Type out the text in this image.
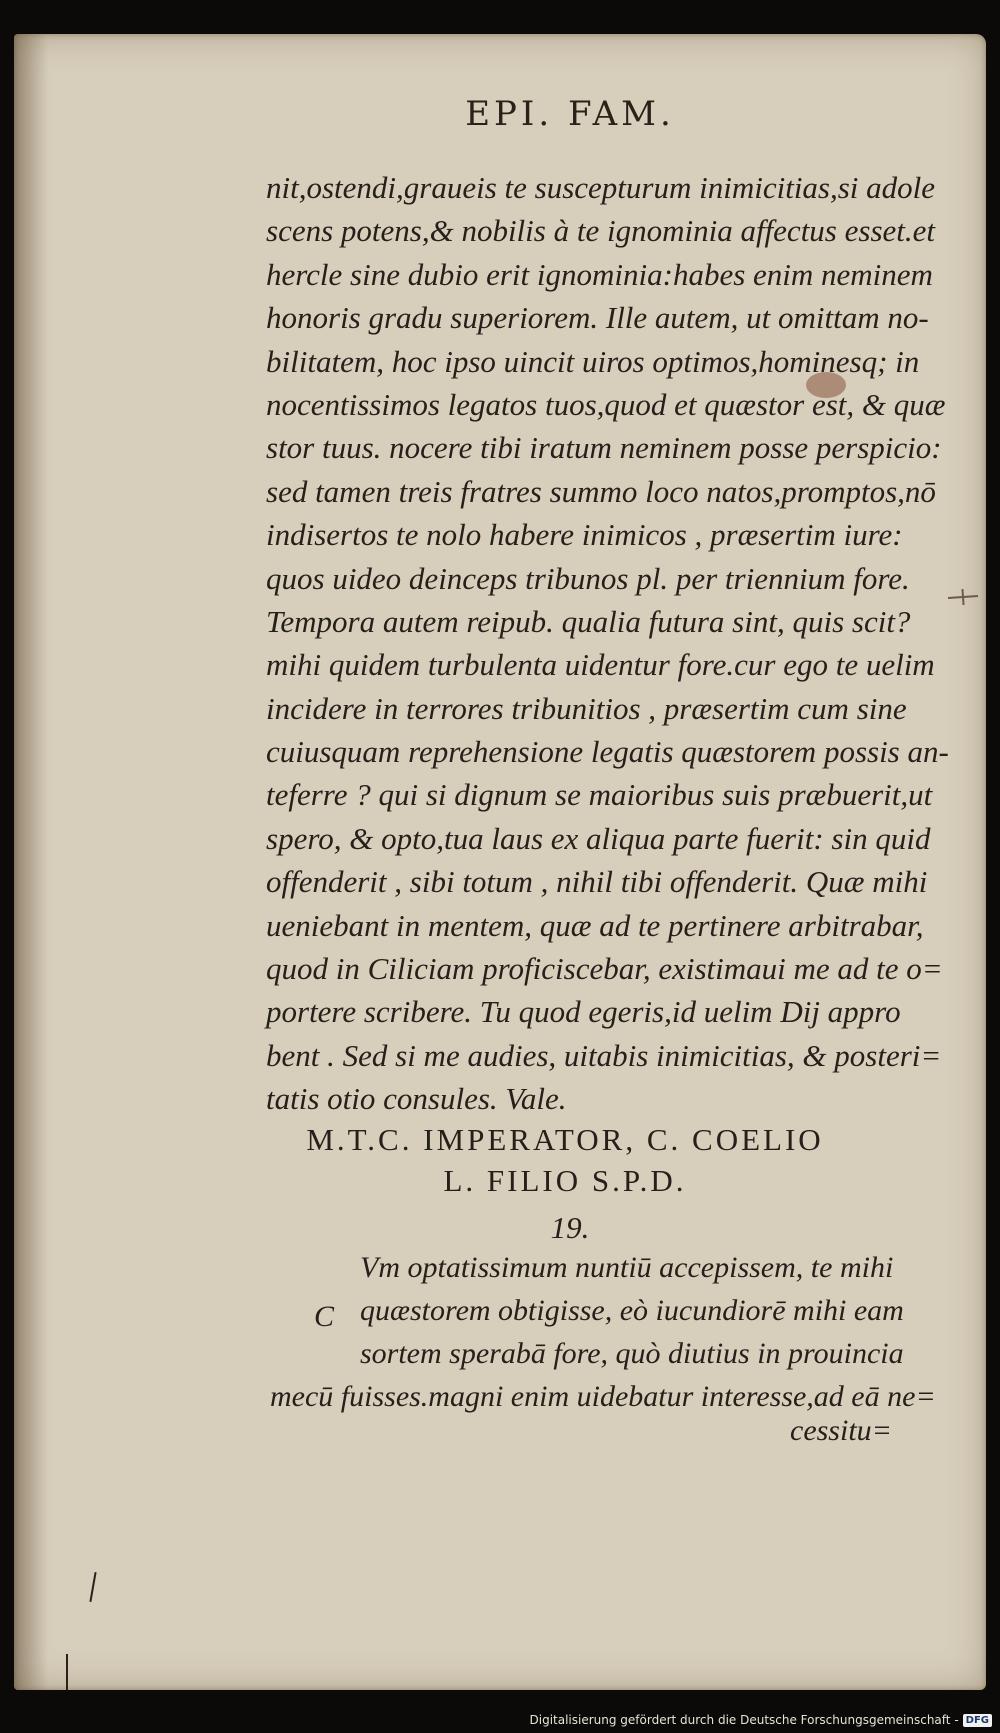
EPI. FAM.
nit,ostendi,graueis te suscepturum inimicitias,si adole
scens potens,& nobilis à te ignominia affectus esset.et
hercle sine dubio erit ignominia:habes enim neminem
honoris gradu superiorem. Ille autem, ut omittam no-
bilitatem, hoc ipso uincit uiros optimos,hominesq; in
nocentissimos legatos tuos,quod et quæstor est, & quæ
stor tuus. nocere tibi iratum neminem posse perspicio:
sed tamen treis fratres summo loco natos,promptos,nō
indisertos te nolo habere inimicos , præsertim iure:
quos uideo deinceps tribunos pl. per triennium fore.
Tempora autem reipub. qualia futura sint, quis scit?
mihi quidem turbulenta uidentur fore.cur ego te uelim
incidere in terrores tribunitios , præsertim cum sine
cuiusquam reprehensione legatis quæstorem possis an-
teferre ? qui si dignum se maioribus suis præbuerit,ut
spero, & opto,tua laus ex aliqua parte fuerit: sin quid
offenderit , sibi totum , nihil tibi offenderit. Quæ mihi
ueniebant in mentem, quæ ad te pertinere arbitrabar,
quod in Ciliciam proficiscebar, existimaui me ad te o=
portere scribere. Tu quod egeris,id uelim Dij appro
bent . Sed si me audies, uitabis inimicitias, & posteri=
tatis otio consules. Vale.
M.T.C. IMPERATOR, C. COELIO
L. FILIO S.P.D.
19.
C
Vm optatissimum nuntiū accepissem, te mihi
quæstorem obtigisse, eò iucundiorē mihi eam
sortem sperabā fore, quò diutius in prouincia
mecū fuisses.magni enim uidebatur interesse,ad eā ne=
cessitu=
Digitalisierung gefördert durch die Deutsche Forschungsgemeinschaft - DFG
